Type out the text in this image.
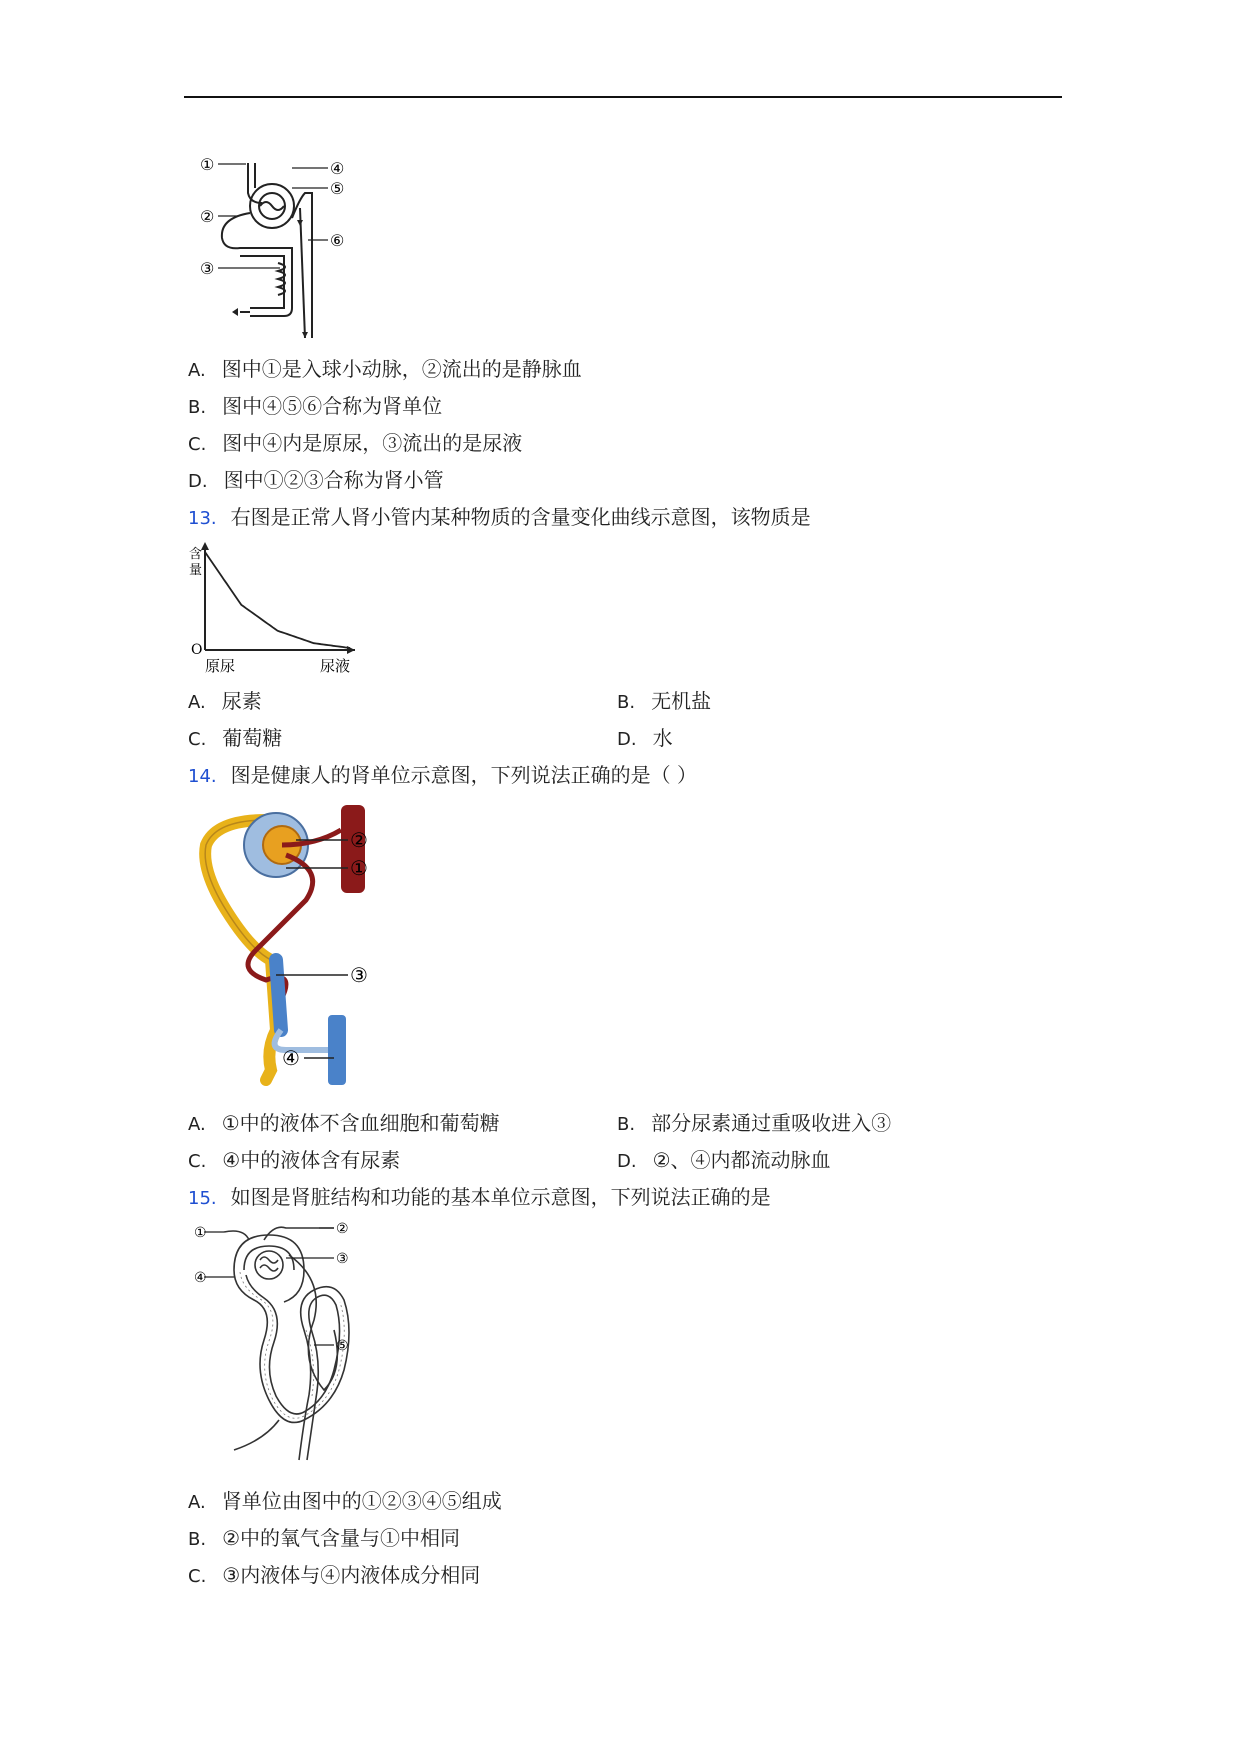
①
②
③
④
⑤
⑥
A. 图中①是入球小动脉，②流出的是静脉血
B. 图中④⑤⑥合称为肾单位
C. 图中④内是原尿，③流出的是尿液
D. 图中①②③合称为肾小管
13. 右图是正常人肾小管内某种物质的含量变化曲线示意图，该物质是
含
量
O
原尿	尿液
A. 尿素	B. 无机盐
C. 葡萄糖	D. 水
14. 图是健康人的肾单位示意图，下列说法正确的是（ ）
②
①
③
④
A. ①中的液体不含血细胞和葡萄糖	B. 部分尿素通过重吸收进入③
C. ④中的液体含有尿素	D. ②、④内都流动脉血
15. 如图是肾脏结构和功能的基本单位示意图，下列说法正确的是
①	②
③
④
⑤
A. 肾单位由图中的①②③④⑤组成
B. ②中的氧气含量与①中相同
C. ③内液体与④内液体成分相同
